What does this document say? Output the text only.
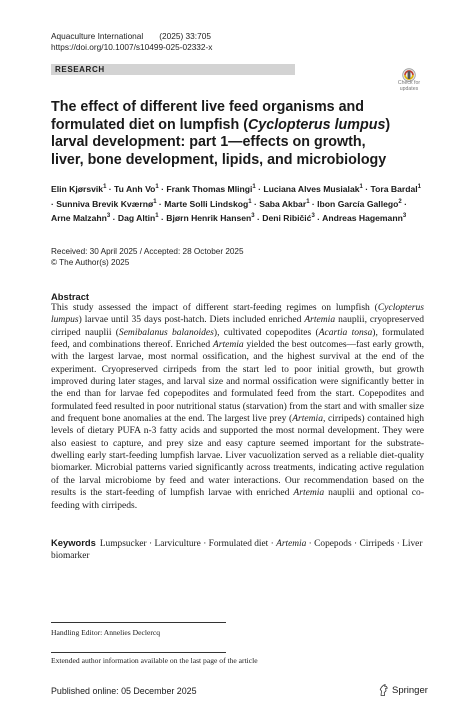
Aquaculture International (2025) 33:705
https://doi.org/10.1007/s10499-025-02332-x
RESEARCH
Check for
updates
The effect of different live feed organisms and formulated diet on lumpfish (Cyclopterus lumpus) larval development: part 1—effects on growth, liver, bone development, lipids, and microbiology
Elin Kjørsvik$^1$ · Tu Anh $Vo^1$ · Frank Thomas Mlingi$^1$ · Luciana Alves Musialak$^1$ · Tora Bardal$^1$ · Sunniva Brevik Kværnø$^1$ · Marte Solli Lindskog$^1$ · Saba Akbar$^1$ · Ibon García Gallego$^2$ · Arne Malzahn$^3$ · Dag Altin$^1$ · Bjørn Henrik Hansen$^3$ · Deni Ribičić$^3$ · Andreas Hagemann$^3$
Received: 30 April 2025 / Accepted: 28 October 2025
© The Author(s) 2025
Abstract

This study assessed the impact of different start-feeding regimes on lumpfish (Cyclopterus lumpus) larvae until 35 days post-hatch. Diets included enriched Artemia nauplii, cryopreserved cirriped nauplii (Semibalanus balanoides), cultivated copepodites (Acartia tonsa), formulated feed, and combinations thereof. Enriched Artemia yielded the best outcomes—fast early growth, with the largest larvae, most normal ossification, and the highest survival at the end of the experiment. Cryopreserved cirripeds from the start led to poor initial growth, but growth improved during later stages, and larval size and normal ossification were significantly better in the end than for larvae fed copepodites and formulated feed from the start. Copepodites and formulated feed resulted in poor nutritional status (starvation) from the start and with smaller size and frequent bone anomalies at the end. The largest live prey (Artemia, cirripeds) contained high levels of dietary PUFA n-3 fatty acids and supported the most normal development. They were also easiest to capture, and prey size and easy capture seemed important for the substrate-dwelling early start-feeding lumpfish larvae. Liver vacuolization served as a reliable diet-quality biomarker. Microbial patterns varied significantly across treatments, indicating active regulation of the larval microbiome by feed and water interactions. Our recommendation based on the results is the start-feeding of lumpfish larvae with enriched Artemia nauplii and optional co-feeding with cirripeds.

Keywords Lumpsucker · Larviculture · Formulated diet · Artemia · Copepods · Cirripeds · Liver biomarker

Handling Editor: Annelies Declercq
Extended author information available on the last page of the article
Published online: 05 December 2025	Springer
